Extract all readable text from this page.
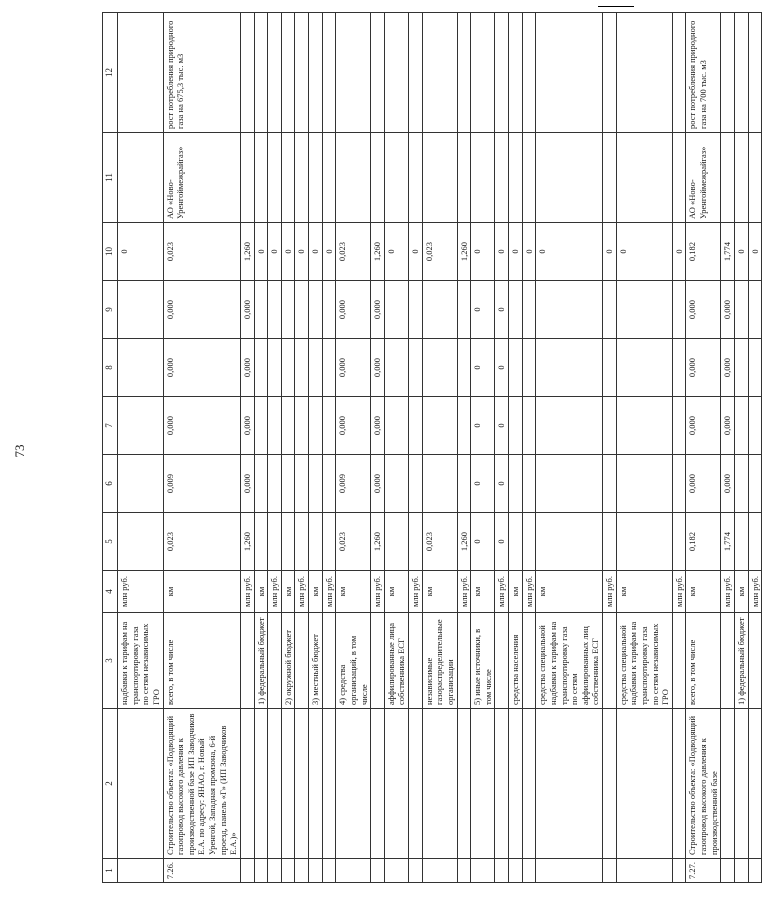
73
1	2	3	4	5	6	7	8	9	10	11	12
		надбавки к тарифам на транспортировку газа по сетям независимых ГРО	млн руб.						0		
7.26.	Строительство объекта: «Подводящий газопровод высокого давления к производственной базе ИП Заводчиков Е.А. по адресу: ЯНАО, г. Новый Уренгой, Западная промзона, 6-й проезд, панель «Г» (ИП Заводчиков Е.А.)»	всего, в том числе	км	0,023	0,009	0,000	0,000	0,000	0,023	АО «Ново-Уренгоймежрайгаз»	рост потребления природного газа на 675,3 тыс. м3
			млн руб.	1,260	0,000	0,000	0,000	0,000	1,260		
		1) федеральный бюджет	км						0		
			млн руб.						0		
		2) окружной бюджет	км						0		
			млн руб.						0		
		3) местный бюджет	км						0		
			млн руб.						0		
		4) средства организаций, в том числе	км	0,023	0,009	0,000	0,000	0,000	0,023		
			млн руб.	1,260	0,000	0,000	0,000	0,000	1,260		
		аффилированные лица собственника ЕСГ	км						0		
			млн руб.						0		
		независимые газораспределительные организации	км	0,023					0,023		
			млн руб.	1,260					1,260		
		5) иные источники, в том числе	км	0	0	0	0	0	0		
			млн руб.	0	0	0	0	0	0		
		средства населения	км						0		
			млн руб.						0		
		средства специальной надбавки к тарифам на транспортировку газа по сетям аффилированных лиц собственника ЕСГ	км						0		
			млн руб.						0		
		средства специальной надбавки к тарифам на транспортировку газа по сетям независимых ГРО	км						0		
			млн руб.						0		
7.27.	Строительство объекта: «Подводящий газопровод высокого давления к производственной базе	всего, в том числе	км	0,182	0,000	0,000	0,000	0,000	0,182	АО «Ново-Уренгоймежрайгаз»	рост потребления природного газа на 700 тыс. м3
			млн руб.	1,774	0,000	0,000	0,000	0,000	1,774		
		1) федеральный бюджет	км						0		
			млн руб.						0		
